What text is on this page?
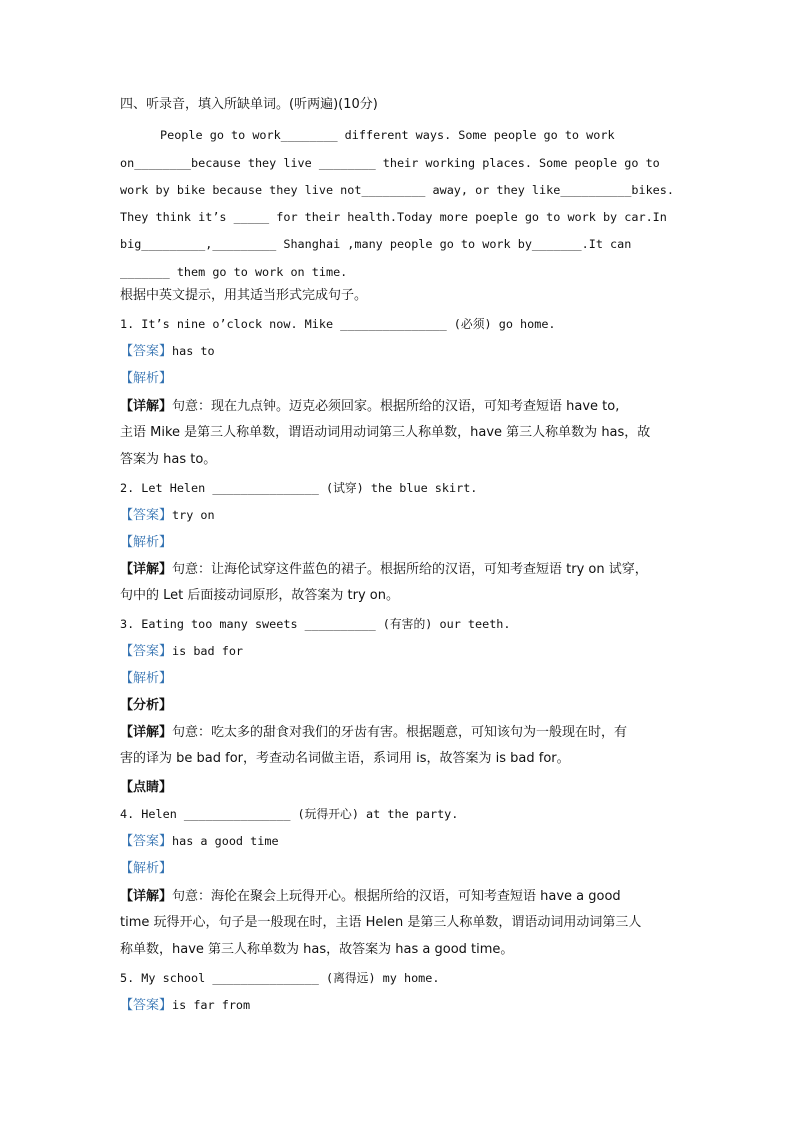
四、听录音，填入所缺单词。(听两遍)(10分)
People go to work________ different ways. Some people go to work
on________because they live ________ their working places. Some people go to
work by bike because they live not_________ away, or they like__________bikes.
They think it’s _____ for their health.Today more poeple go to work by car.In
big_________,_________ Shanghai ,many people go to work by_______.It can
_______ them go to work on time.
根据中英文提示，用其适当形式完成句子。
1. It’s nine o’clock now. Mike _______________ (必须) go home.
【答案】has to
【解析】
【详解】句意：现在九点钟。迈克必须回家。根据所给的汉语，可知考查短语 have to,
主语 Mike 是第三人称单数，谓语动词用动词第三人称单数，have 第三人称单数为 has，故
答案为 has to。
2. Let Helen _______________ (试穿) the blue skirt.
【答案】try on
【解析】
【详解】句意：让海伦试穿这件蓝色的裙子。根据所给的汉语，可知考查短语 try on 试穿，
句中的 Let 后面接动词原形，故答案为 try on。
3. Eating too many sweets __________ (有害的) our teeth.
【答案】is bad for
【解析】
【分析】
【详解】句意：吃太多的甜食对我们的牙齿有害。根据题意，可知该句为一般现在时，有
害的译为 be bad for，考查动名词做主语，系词用 is，故答案为 is bad for。
【点睛】
4. Helen _______________ (玩得开心) at the party.
【答案】has a good time
【解析】
【详解】句意：海伦在聚会上玩得开心。根据所给的汉语，可知考查短语 have a good
time 玩得开心，句子是一般现在时，主语 Helen 是第三人称单数，谓语动词用动词第三人
称单数，have 第三人称单数为 has，故答案为 has a good time。
5. My school _______________ (离得远) my home.
【答案】is far from
